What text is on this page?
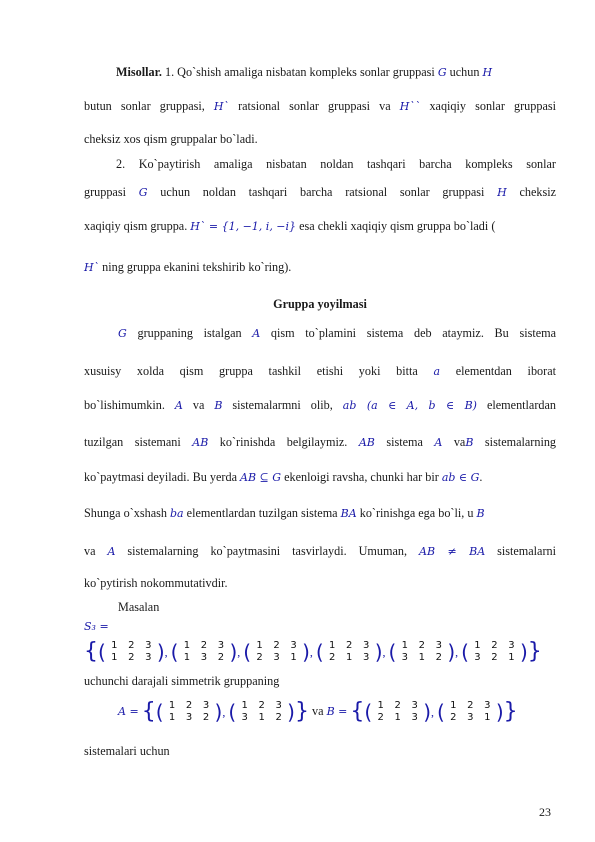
Misollar. 1. Qo`shish amaliga nisbatan kompleks sonlar gruppasi G uchun H
butun sonlar gruppasi, H` ratsional sonlar gruppasi va H`` xaqiqiy sonlar gruppasi
cheksiz xos qism gruppalar bo`ladi.
2. Ko`paytirish amaliga nisbatan noldan tashqari barcha kompleks sonlar
gruppasi G uchun noldan tashqari barcha ratsional sonlar gruppasi H cheksiz
xaqiqiy qism gruppa. H` = {1, −1, i, −i} esa chekli xaqiqiy qism gruppa bo`ladi (
H` ning gruppa ekanini tekshirib ko`ring).
Gruppa yoyilmasi
G gruppaning istalgan A qism to`plamini sistema deb ataymiz. Bu sistema
xusuisy xolda qism gruppa tashkil etishi yoki bitta a elementdan iborat
bo`lishimumkin. A va B sistemalarmni olib, ab (a ∈ A, b ∈ B) elementlardan
tuzilgan sistemani AB ko`rinishda belgilaymiz. AB sistema A vaB sistemalarning
ko`paytmasi deyiladi. Bu yerda AB ⊆ G ekenloigi ravsha, chunki har bir ab ∈ G.
Shunga o`xshash ba elementlardan tuzilgan sistema BA ko`rinishga ega bo`li, u B
va A sistemalarning ko`paytmasini tasvirlaydi. Umuman, AB ≠ BA sistemalarni
ko`pytirish nokommutativdir.
Masalan
S₃ =
{( 1 2 3
1 2 3 ), ( 1 2 3
1 3 2 ), ( 1 2 3
2 3 1 ), ( 1 2 3
2 1 3 ), ( 1 2 3
3 1 2 ), ( 1 2 3
3 2 1 )}
uchunchi darajali simmetrik gruppaning
A = {( 1 2 3
1 3 2 ), ( 1 2 3
3 1 2 )} va B = {( 1 2 3
2 1 3 ), ( 1 2 3
2 3 1 )}
sistemalari uchun
23
